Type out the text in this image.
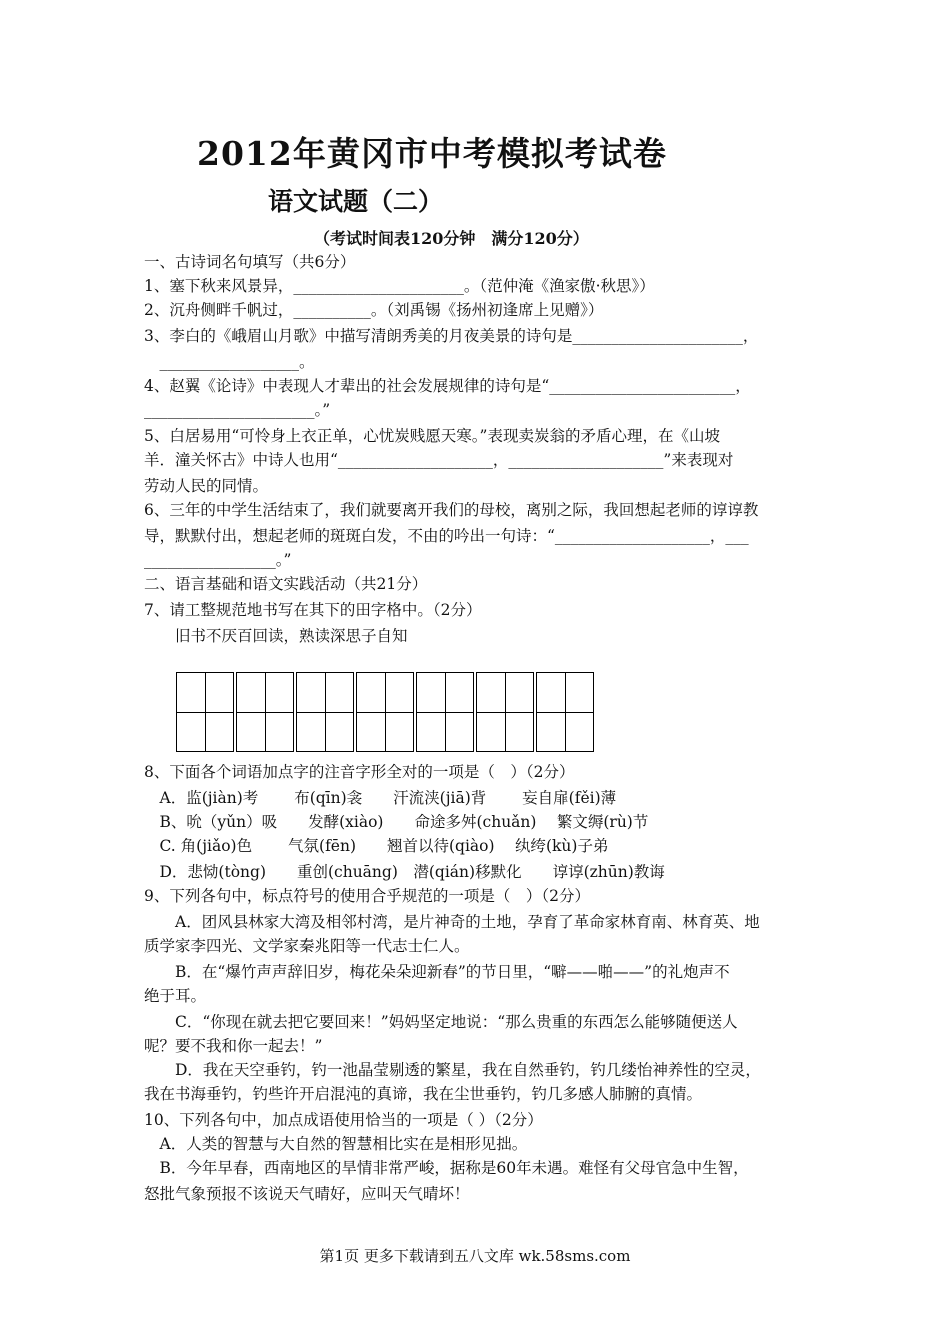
2012年黄冈市中考模拟考试卷
语文试题（二）
（考试时间表120分钟　满分120分）
一、古诗词名句填写（共6分）
1、塞下秋来风景异，______________________。（范仲淹《渔家傲·秋思》）
2、沉舟侧畔千帆过，__________。（刘禹锡《扬州初逢席上见赠》）
3、李白的《峨眉山月歌》中描写清朗秀美的月夜美景的诗句是______________________，
　__________________。
4、赵翼《论诗》中表现人才辈出的社会发展规律的诗句是“________________________，
______________________。”
5、白居易用“可怜身上衣正单，心忧炭贱愿天寒。”表现卖炭翁的矛盾心理，在《山坡
羊．潼关怀古》中诗人也用“____________________，____________________”来表现对
劳动人民的同情。
6、三年的中学生活结束了，我们就要离开我们的母校，离别之际，我回想起老师的谆谆教
导，默默付出，想起老师的斑斑白发，不由的吟出一句诗：“____________________，___
_________________。”
二、语言基础和语文实践活动（共21分）
7、请工整规范地书写在其下的田字格中。（2分）
　　旧书不厌百回读，熟读深思子自知
8、下面各个词语加点字的注音字形全对的一项是（　）（2分）
　A．监(jiàn)考　　 布(qīn)衾　　汗流浃(jiā)背　　 妄自扉(fěi)薄
　B、吮（yǔn）吸　　发酵(xiào)　　命途多舛(chuǎn)　 繁文缛(rù)节
　C. 角(jiǎo)色　　 气氛(fēn)　　翘首以待(qiào)　 纨绔(kù)子弟
　D．悲恸(tòng)　　重创(chuāng)　潜(qián)移默化　　谆谆(zhūn)教诲
9、下列各句中，标点符号的使用合乎规范的一项是（　）（2分）
　　A．团风县林家大湾及相邻村湾，是片神奇的土地，孕育了革命家林育南、林育英、地
质学家李四光、文学家秦兆阳等一代志士仁人。
　　B．在“爆竹声声辞旧岁，梅花朵朵迎新春”的节日里，“噼——啪——”的礼炮声不
绝于耳。
　　C．“你现在就去把它要回来！”妈妈坚定地说：“那么贵重的东西怎么能够随便送人
呢？要不我和你一起去！”
　　D．我在天空垂钓，钓一池晶莹剔透的繁星，我在自然垂钓，钓几缕怡神养性的空灵，
我在书海垂钓，钓些许开启混沌的真谛，我在尘世垂钓，钓几多感人肺腑的真情。
10、下列各句中，加点成语使用恰当的一项是（ ）（2分）
　A．人类的智慧与大自然的智慧相比实在是相形见拙。
　B．今年早春，西南地区的旱情非常严峻，据称是60年未遇。难怪有父母官急中生智，
怒批气象预报不该说天气晴好，应叫天气晴坏！
第1页 更多下载请到五八文库 wk.58sms.com
